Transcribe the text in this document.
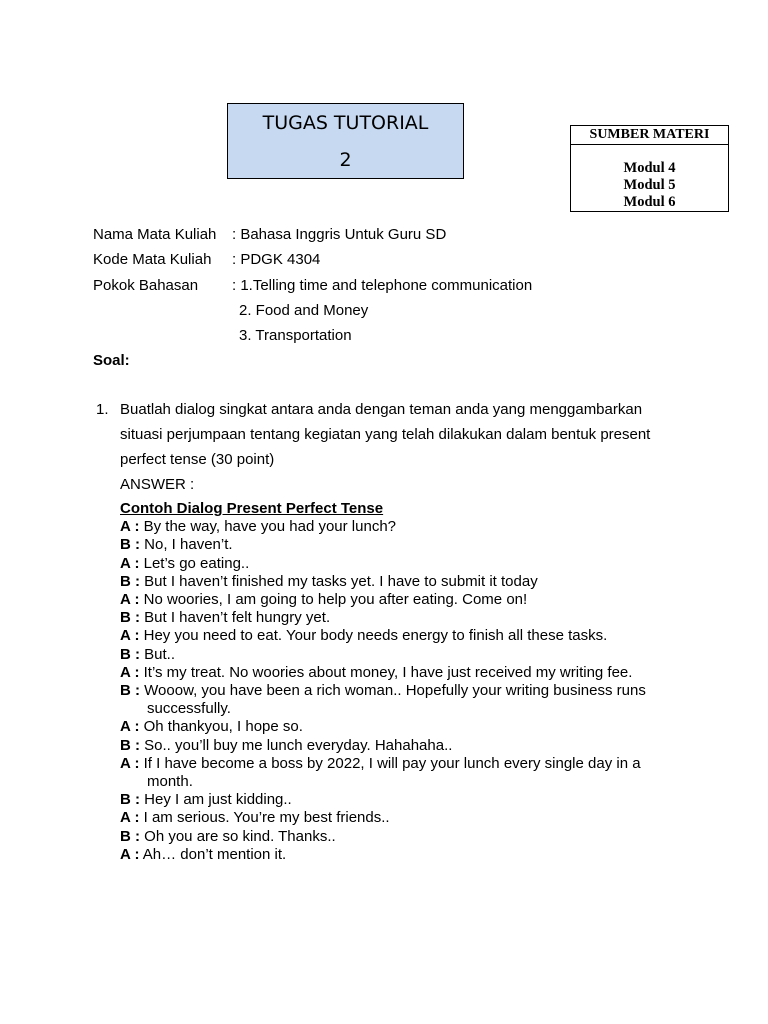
TUGAS TUTORIAL
2
SUMBER MATERI
Modul 4
Modul 5
Modul 6
Nama Mata Kuliah	: Bahasa Inggris Untuk Guru SD
Kode Mata Kuliah	: PDGK 4304
Pokok Bahasan	: 1.Telling time and telephone communication
2. Food and Money
3. Transportation
Soal:
1. Buatlah dialog singkat antara anda dengan teman anda yang menggambarkan
situasi perjumpaan tentang kegiatan yang telah dilakukan dalam bentuk present
perfect tense (30 point)
ANSWER :
Contoh Dialog Present Perfect Tense
A : By the way, have you had your lunch?
B : No, I haven’t.
A : Let’s go eating..
B : But I haven’t finished my tasks yet. I have to submit it today
A : No woories, I am going to help you after eating. Come on!
B : But I haven’t felt hungry yet.
A : Hey you need to eat. Your body needs energy to finish all these tasks.
B : But..
A : It’s my treat. No woories about money, I have just received my writing fee.
B : Wooow, you have been a rich woman.. Hopefully your writing business runs successfully.
A : Oh thankyou, I hope so.
B : So.. you’ll buy me lunch everyday. Hahahaha..
A : If I have become a boss by 2022, I will pay your lunch every single day in a month.
B : Hey I am just kidding..
A : I am serious. You’re my best friends..
B : Oh you are so kind. Thanks..
A : Ah… don’t mention it.
